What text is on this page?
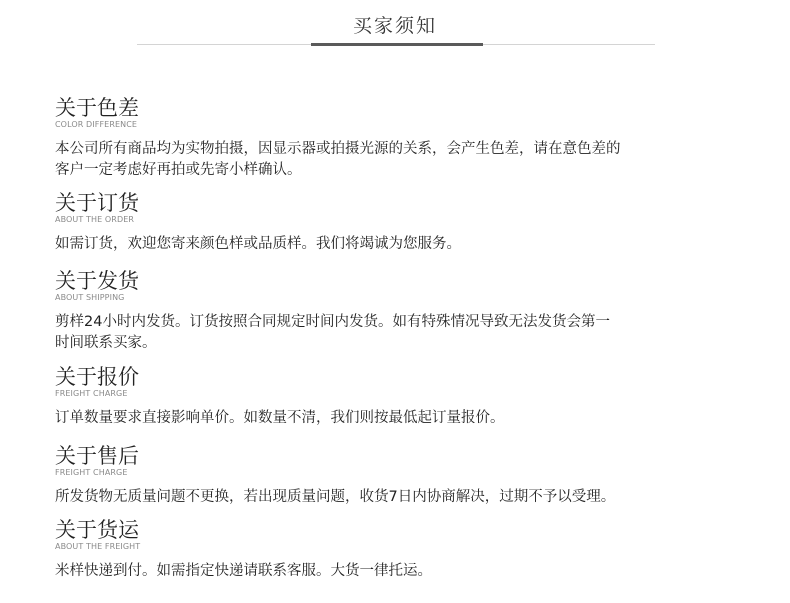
买家须知
关于色差
COLOR DIFFERENCE

本公司所有商品均为实物拍摄，因显示器或拍摄光源的关系，会产生色差，请在意色差的
客户一定考虑好再拍或先寄小样确认。

关于订货
ABOUT THE ORDER

如需订货，欢迎您寄来颜色样或品质样。我们将竭诚为您服务。

关于发货
ABOUT SHIPPING

剪样24小时内发货。订货按照合同规定时间内发货。如有特殊情况导致无法发货会第一
时间联系买家。

关于报价
FREIGHT CHARGE

订单数量要求直接影响单价。如数量不清，我们则按最低起订量报价。

关于售后
FREIGHT CHARGE

所发货物无质量问题不更换，若出现质量问题，收货7日内协商解决，过期不予以受理。

关于货运
ABOUT THE FREIGHT

米样快递到付。如需指定快递请联系客服。大货一律托运。
